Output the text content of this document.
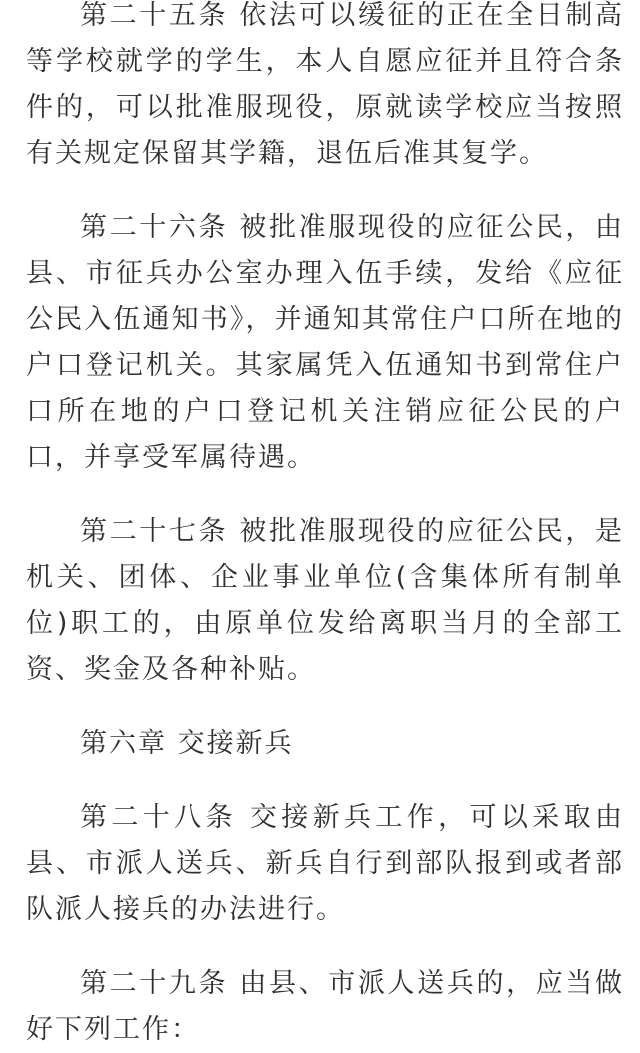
第二十五条 依法可以缓征的正在全日制高等学校就学的学生，本人自愿应征并且符合条件的，可以批准服现役，原就读学校应当按照有关规定保留其学籍，退伍后准其复学。

第二十六条 被批准服现役的应征公民，由县、市征兵办公室办理入伍手续，发给《应征公民入伍通知书》，并通知其常住户口所在地的户口登记机关。其家属凭入伍通知书到常住户口所在地的户口登记机关注销应征公民的户口，并享受军属待遇。

第二十七条 被批准服现役的应征公民，是机关、团体、企业事业单位(含集体所有制单位)职工的，由原单位发给离职当月的全部工资、奖金及各种补贴。

第六章 交接新兵

第二十八条 交接新兵工作，可以采取由县、市派人送兵、新兵自行到部队报到或者部队派人接兵的办法进行。

第二十九条 由县、市派人送兵的，应当做好下列工作：
